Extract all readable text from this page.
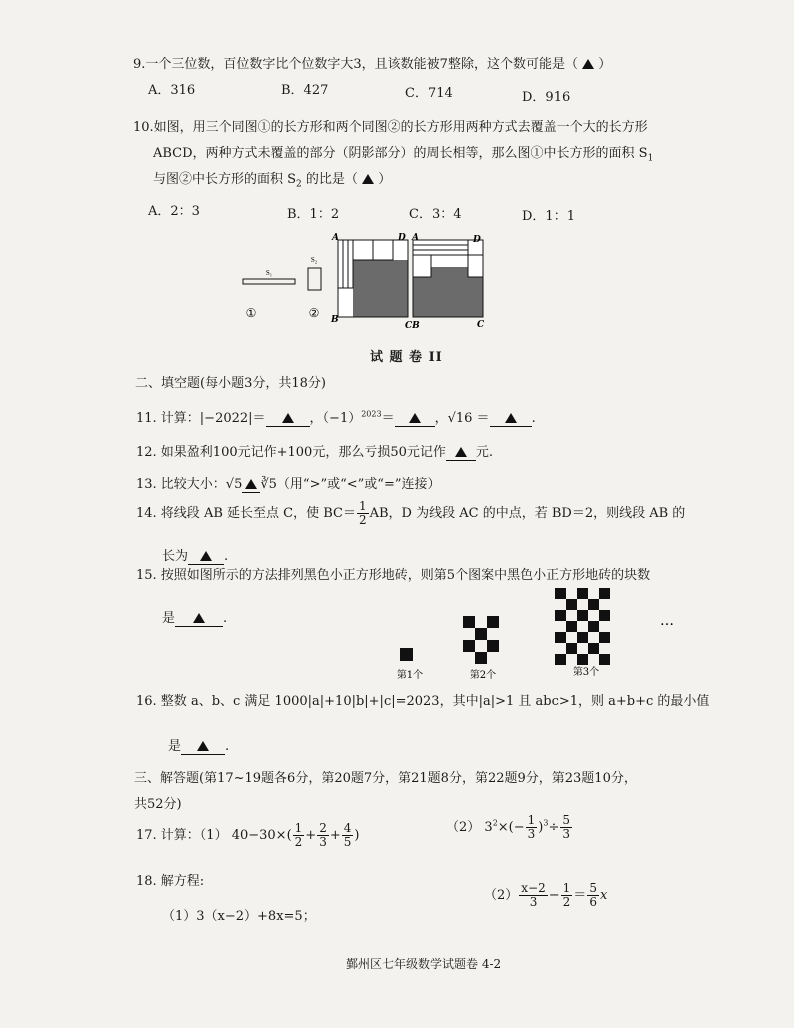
9.一个三位数，百位数字比个位数字大3，且该数能被7整除，这个数可能是（ ）
A．316	B．427	C．714	D．916
10.如图，用三个同图①的长方形和两个同图②的长方形用两种方式去覆盖一个大的长方形
ABCD，两种方式未覆盖的部分（阴影部分）的周长相等，那么图①中长方形的面积 $S_1$
与图②中长方形的面积 $S_2$ 的比是（ ）
A．2：3	B．1：2	C．3：4	D．1：1
S₁
S₂
①	②
A	D
B
CB
A	D
C
试 题 卷 II
二、填空题(每小题3分，共18分)
11. 计算：|−2022|＝	，$(-1)^{2023}=$	，√16 ＝	.
12. 如果盈利100元记作+100元，那么亏损50元记作 元.
13. 比较大小：√5 ∛5（用“>”或“<”或“=”连接）
14. 将线段 AB 延长至点 C，使 $BC= \frac{1}{2}$ AB，D 为线段 AC 的中点，若 BD＝2，则线段 AB 的
长为	.
15. 按照如图所示的方法排列黑色小正方形地砖，则第5个图案中黑色小正方形地砖的块数
是	.	…
第1个	第2个	第3个
16. 整数 a、b、c 满足 1000|a|+10|b|+|c|=2023，其中|a|>1 且 abc>1，则 a+b+c 的最小值
是	.
三、解答题(第17~19题各6分，第20题7分，第21题8分，第22题9分，第23题10分，
共52分)
17. 计算：（1） $40-30\times( \frac{1}{2} + \frac{2}{3} + \frac{4}{5}$ )
（2） $3^2\times(- \frac{1}{3} )^3\div \frac{5}{3}$
18. 解方程:
$(2) \frac{x-2}{3} - \frac{1}{2} = \frac{5}{6}$ x
（1）3（x−2）+8x=5；
鄞州区七年级数学试题卷 4-2
